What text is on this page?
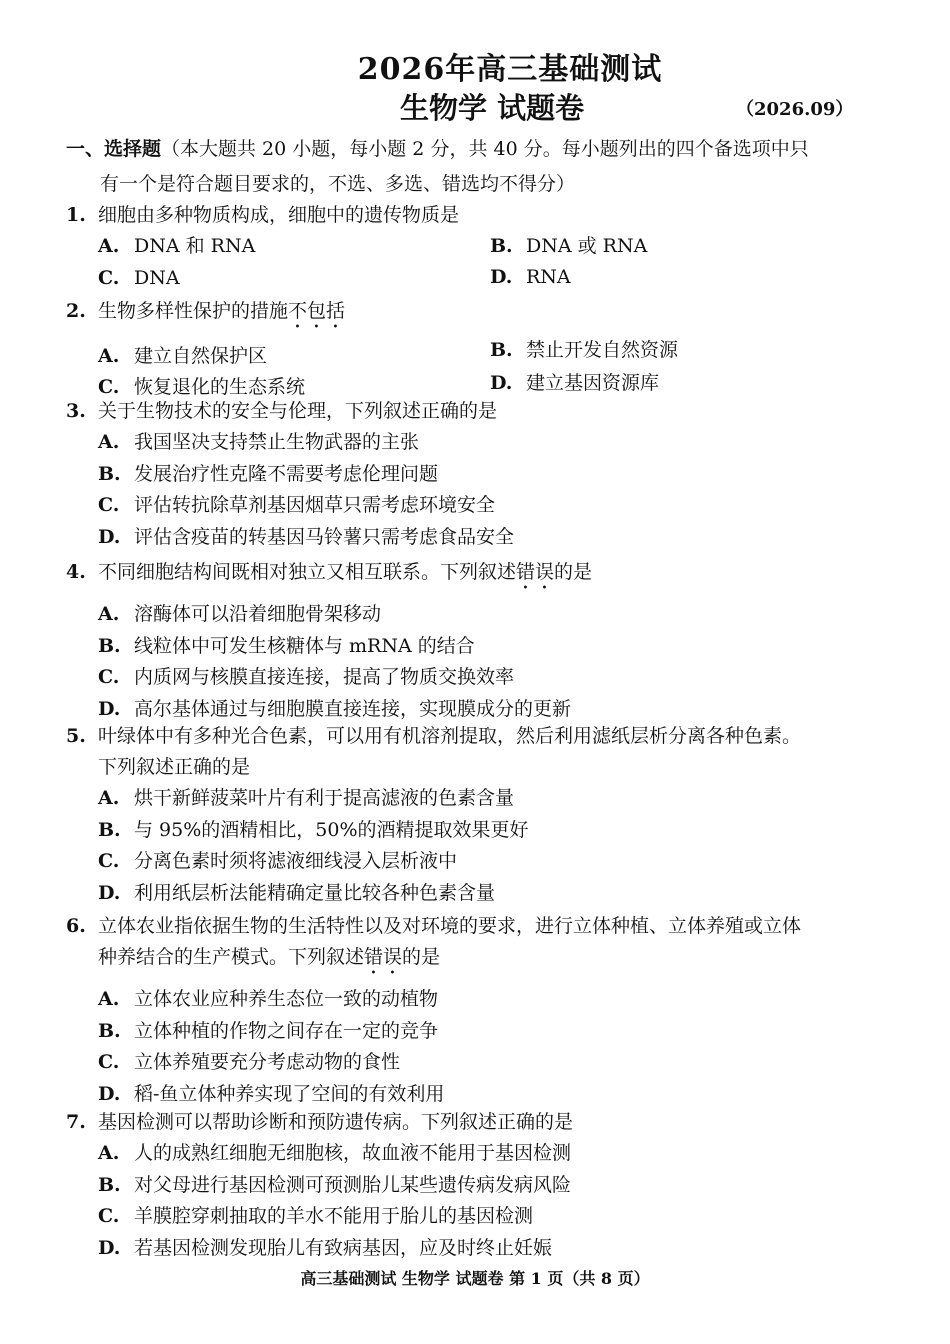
2026年高三基础测试
生物学 试题卷	（2026.09）
一、选择题（本大题共 20 小题，每小题 2 分，共 40 分。每小题列出的四个备选项中只
有一个是符合题目要求的，不选、多选、错选均不得分）
1. 细胞由多种物质构成，细胞中的遗传物质是
A. DNA 和 RNA	B. DNA 或 RNA
C. DNA	D. RNA
2. 生物多样性保护的措施不包括
A. 建立自然保护区	B. 禁止开发自然资源
C. 恢复退化的生态系统	D. 建立基因资源库
3. 关于生物技术的安全与伦理，下列叙述正确的是
A. 我国坚决支持禁止生物武器的主张
B. 发展治疗性克隆不需要考虑伦理问题
C. 评估转抗除草剂基因烟草只需考虑环境安全
D. 评估含疫苗的转基因马铃薯只需考虑食品安全
4. 不同细胞结构间既相对独立又相互联系。下列叙述错误的是
A. 溶酶体可以沿着细胞骨架移动
B. 线粒体中可发生核糖体与 mRNA 的结合
C. 内质网与核膜直接连接，提高了物质交换效率
D. 高尔基体通过与细胞膜直接连接，实现膜成分的更新
5. 叶绿体中有多种光合色素，可以用有机溶剂提取，然后利用滤纸层析分离各种色素。
下列叙述正确的是
A. 烘干新鲜菠菜叶片有利于提高滤液的色素含量
B. 与 95%的酒精相比，50%的酒精提取效果更好
C. 分离色素时须将滤液细线浸入层析液中
D. 利用纸层析法能精确定量比较各种色素含量
6. 立体农业指依据生物的生活特性以及对环境的要求，进行立体种植、立体养殖或立体
种养结合的生产模式。下列叙述错误的是
A. 立体农业应种养生态位一致的动植物
B. 立体种植的作物之间存在一定的竞争
C. 立体养殖要充分考虑动物的食性
D. 稻-鱼立体种养实现了空间的有效利用
7. 基因检测可以帮助诊断和预防遗传病。下列叙述正确的是
A. 人的成熟红细胞无细胞核，故血液不能用于基因检测
B. 对父母进行基因检测可预测胎儿某些遗传病发病风险
C. 羊膜腔穿刺抽取的羊水不能用于胎儿的基因检测
D. 若基因检测发现胎儿有致病基因，应及时终止妊娠
高三基础测试 生物学 试题卷 第 1 页（共 8 页）
